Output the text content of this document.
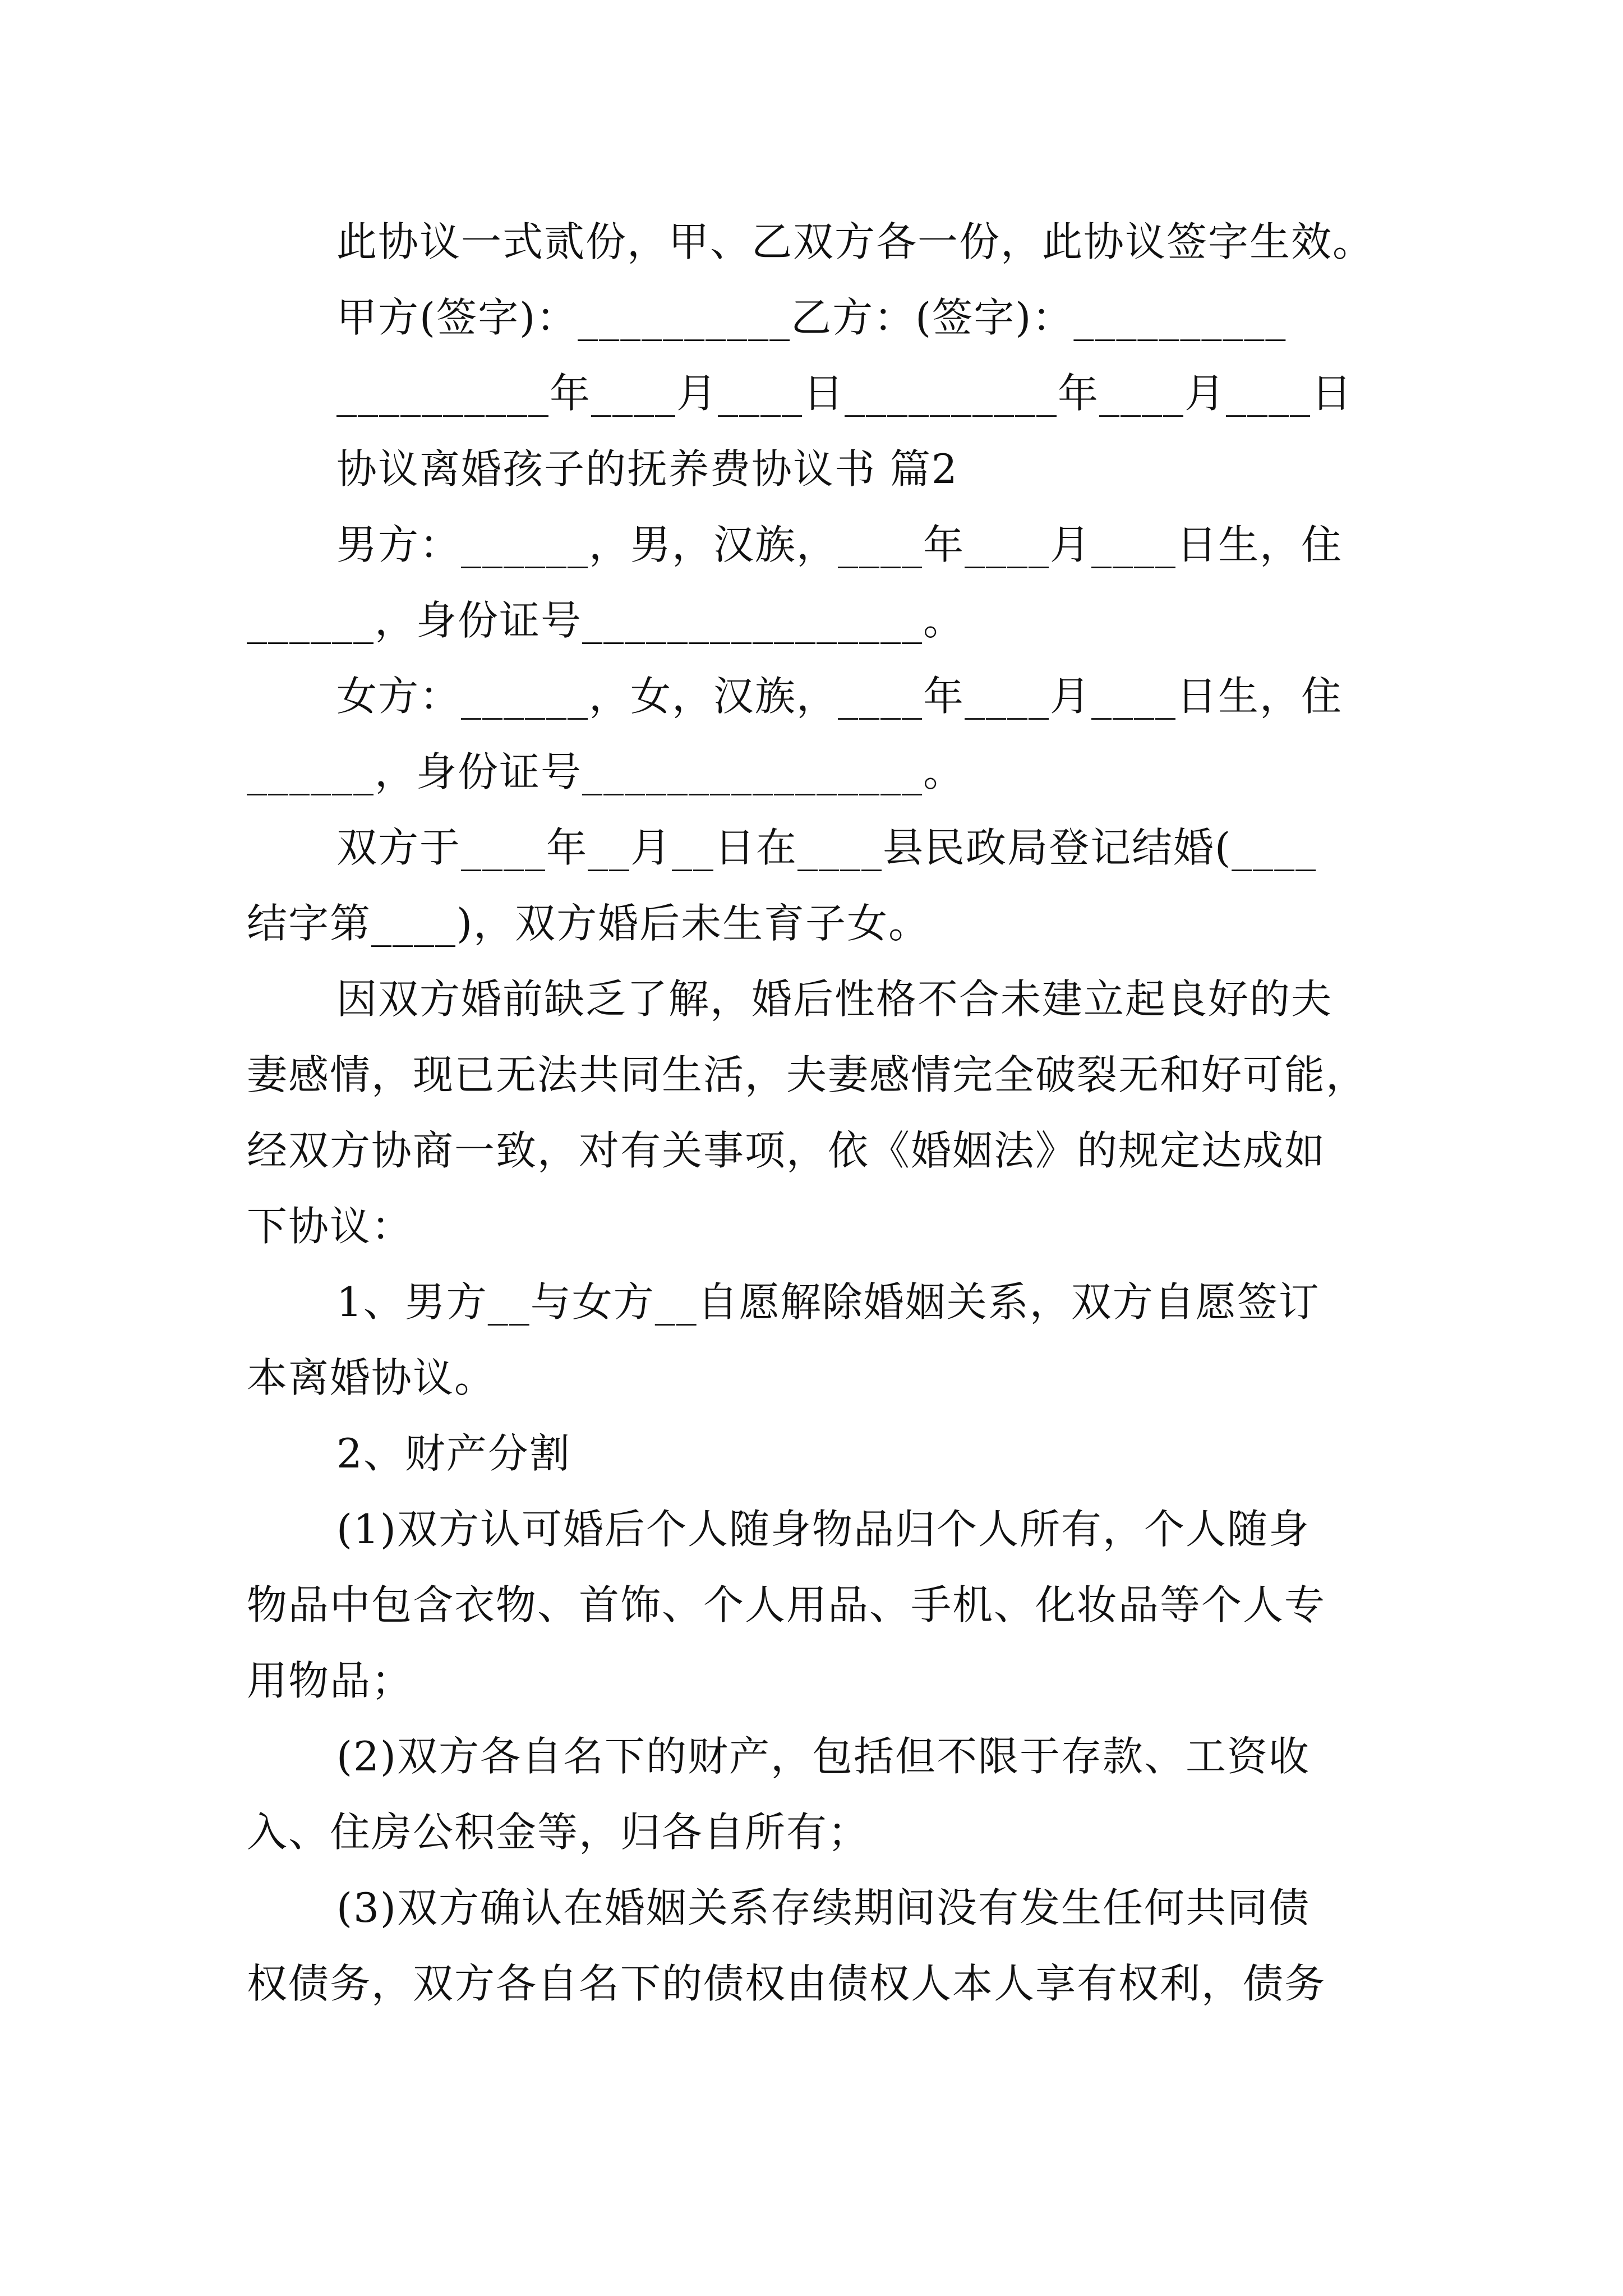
此协议一式贰份，甲、乙双方各一份，此协议签字生效。
甲方(签字)：__________乙方：(签字)：__________
__________年____月____日__________年____月____日
协议离婚孩子的抚养费协议书 篇2
男方：______，男，汉族，____年____月____日生，住
______，身份证号________________。
女方：______，女，汉族，____年____月____日生，住
______，身份证号________________。
双方于____年__月__日在____县民政局登记结婚(____
结字第____)，双方婚后未生育子女。
因双方婚前缺乏了解，婚后性格不合未建立起良好的夫
妻感情，现已无法共同生活，夫妻感情完全破裂无和好可能，
经双方协商一致，对有关事项，依《婚姻法》的规定达成如
下协议：
1、男方__与女方__自愿解除婚姻关系，双方自愿签订
本离婚协议。
2、财产分割
(1)双方认可婚后个人随身物品归个人所有，个人随身
物品中包含衣物、首饰、个人用品、手机、化妆品等个人专
用物品；
(2)双方各自名下的财产，包括但不限于存款、工资收
入、住房公积金等，归各自所有；
(3)双方确认在婚姻关系存续期间没有发生任何共同债
权债务，双方各自名下的债权由债权人本人享有权利，债务
